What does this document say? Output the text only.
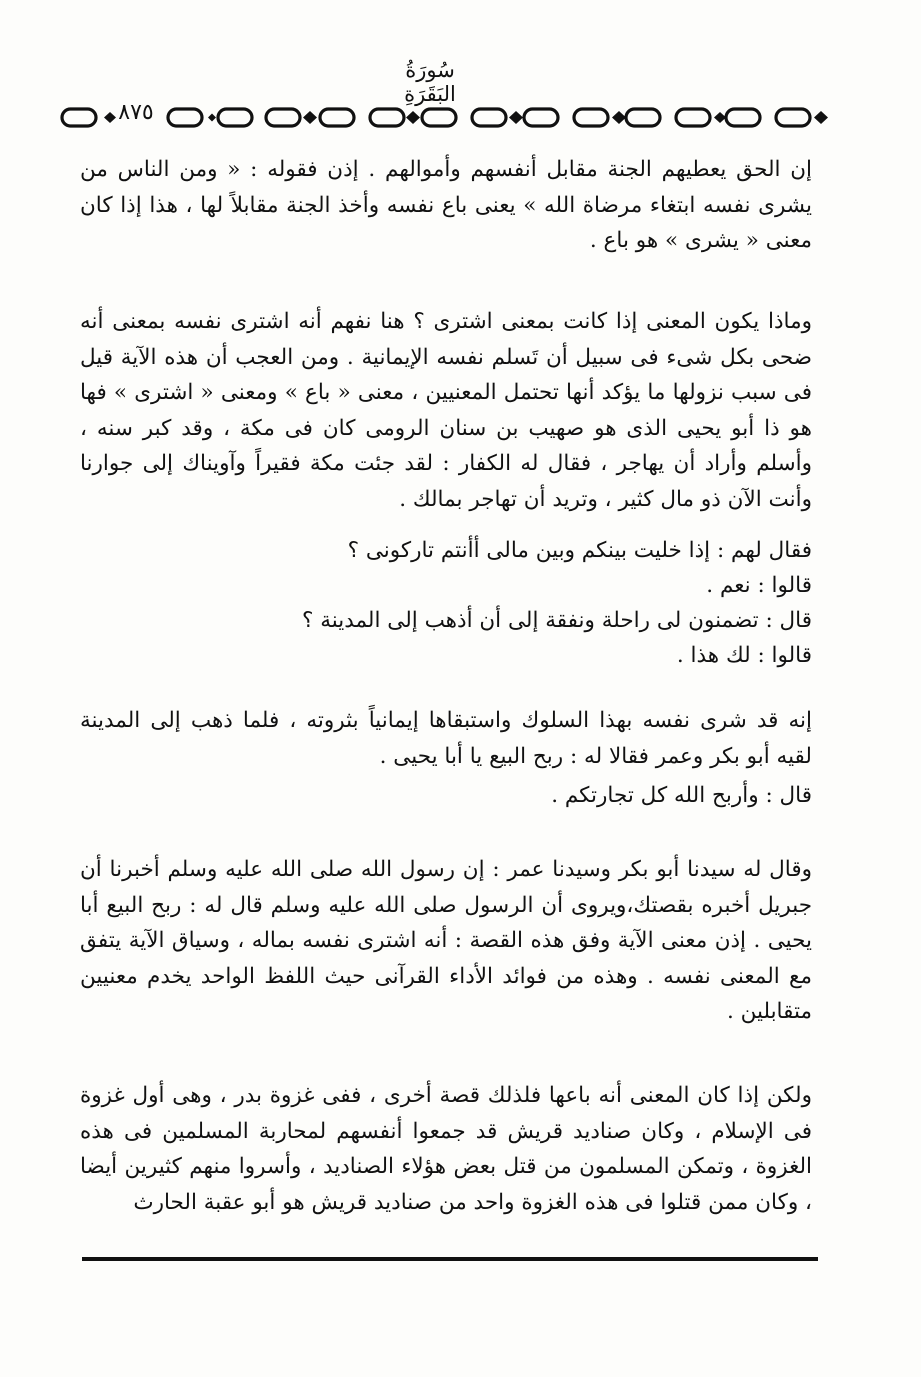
سُورَةُ البَقَرَةِ
٨٧٥

إن الحق يعطيهم الجنة مقابل أنفسهم وأموالهم . إذن فقوله : « ومن الناس من يشرى نفسه ابتغاء مرضاة الله » يعنى باع نفسه وأخذ الجنة مقابلاً لها ، هذا إذا كان معنى « يشرى » هو باع .

وماذا يكون المعنى إذا كانت بمعنى اشترى ؟ هنا نفهم أنه اشترى نفسه بمعنى أنه ضحى بكل شىء فى سبيل أن تَسلم نفسه الإيمانية . ومن العجب أن هذه الآية قيل فى سبب نزولها ما يؤكد أنها تحتمل المعنيين ، معنى « باع » ومعنى « اشترى » فها هو ذا أبو يحيى الذى هو صهيب بن سنان الرومى كان فى مكة ، وقد كبر سنه ، وأسلم وأراد أن يهاجر ، فقال له الكفار : لقد جئت مكة فقيراً وآويناك إلى جوارنا وأنت الآن ذو مال كثير ، وتريد أن تهاجر بمالك .

فقال لهم : إذا خليت بينكم وبين مالى أأنتم تاركونى ؟

قالوا : نعم .

قال : تضمنون لى راحلة ونفقة إلى أن أذهب إلى المدينة ؟

قالوا : لك هذا .

إنه قد شرى نفسه بهذا السلوك واستبقاها إيمانياً بثروته ، فلما ذهب إلى المدينة لقيه أبو بكر وعمر فقالا له : ربح البيع يا أبا يحيى .

قال : وأربح الله كل تجارتكم .

وقال له سيدنا أبو بكر وسيدنا عمر : إن رسول الله صلى الله عليه وسلم أخبرنا أن جبريل أخبره بقصتك،ويروى أن الرسول صلى الله عليه وسلم قال له : ربح البيع أبا يحيى . إذن معنى الآية وفق هذه القصة : أنه اشترى نفسه بماله ، وسياق الآية يتفق مع المعنى نفسه . وهذه من فوائد الأداء القرآنى حيث اللفظ الواحد يخدم معنيين متقابلين .

ولكن إذا كان المعنى أنه باعها فلذلك قصة أخرى ، ففى غزوة بدر ، وهى أول غزوة فى الإسلام ، وكان صناديد قريش قد جمعوا أنفسهم لمحاربة المسلمين فى هذه الغزوة ، وتمكن المسلمون من قتل بعض هؤلاء الصناديد ، وأسروا منهم كثيرين أيضا ، وكان ممن قتلوا فى هذه الغزوة واحد من صناديد قريش هو أبو عقبة الحارث
